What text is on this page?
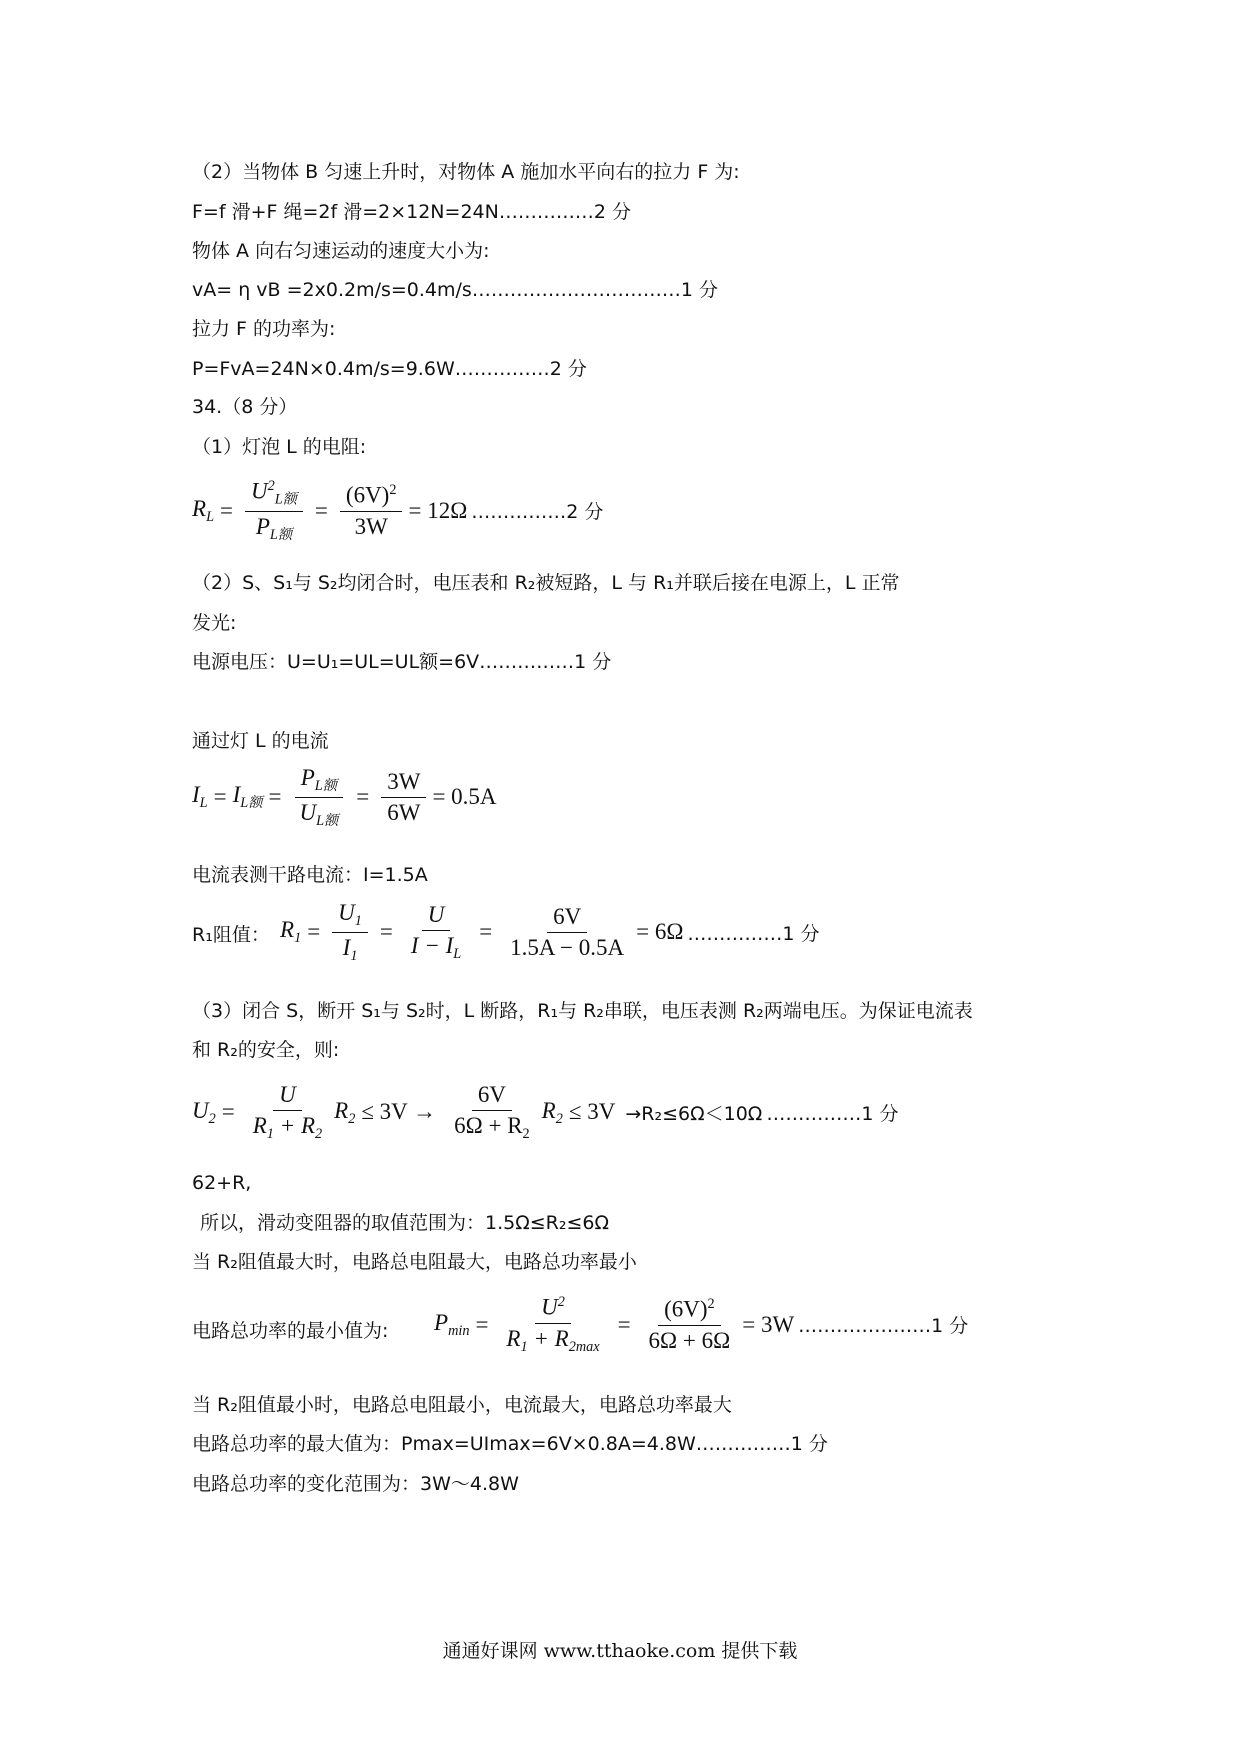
（2）当物体 B 匀速上升时，对物体 A 施加水平向右的拉力 F 为:
F=f 滑+F 绳=2f 滑=2×12N=24N……………2 分
物体 A 向右匀速运动的速度大小为:
vA= η vB =2x0.2m/s=0.4m/s……………………………1 分
拉力 F 的功率为:
P=FvA=24N×0.4m/s=9.6W……………2 分
34.（8 分）
（1）灯泡 L 的电阻:
$R_L = \frac{U^2_{L额}}{P_{L额}} = \frac{(6V)^2}{3W} = 12\Omega$ ……………2 分
（2）S、S₁与 S₂均闭合时，电压表和 R₂被短路，L 与 R₁并联后接在电源上，L 正常
发光:
电源电压：U=U₁=UL=UL额=6V……………1 分
通过灯 L 的电流
$I_L = I_{L额} = \frac{P_{L额}}{U_{L额}} = \frac{3W}{6W} = 0.5A$
电流表测干路电流：I=1.5A
R₁阻值： $R_1 = \frac{U_1}{I_1} = \frac{U}{I - I_L} = \frac{6V}{1.5A - 0.5A} = 6\Omega$ ……………1 分
（3）闭合 S，断开 S₁与 S₂时，L 断路，R₁与 R₂串联，电压表测 R₂两端电压。为保证电流表
和 R₂的安全，则:
$U_2 = \frac{U}{R_1 + R_2} R_2 \le 3V \to \frac{6V}{6\Omega + R_2} R_2 \le 3V \to R_2\le 6\Omega<10\Omega$ ……………1 分
62+R,
所以，滑动变阻器的取值范围为：1.5Ω≤R₂≤6Ω
当 R₂阻值最大时，电路总电阻最大，电路总功率最小
电路总功率的最小值为: $P_{min} = \frac{U^2}{R_1 + R_{2max}} = \frac{(6V)^2}{6\Omega + 6\Omega} = 3W$ …………………1 分
当 R₂阻值最小时，电路总电阻最小，电流最大，电路总功率最大
电路总功率的最大值为：Pmax=UImax=6V×0.8A=4.8W……………1 分
电路总功率的变化范围为：3W～4.8W
通通好课网 www.tthaoke.com 提供下载
